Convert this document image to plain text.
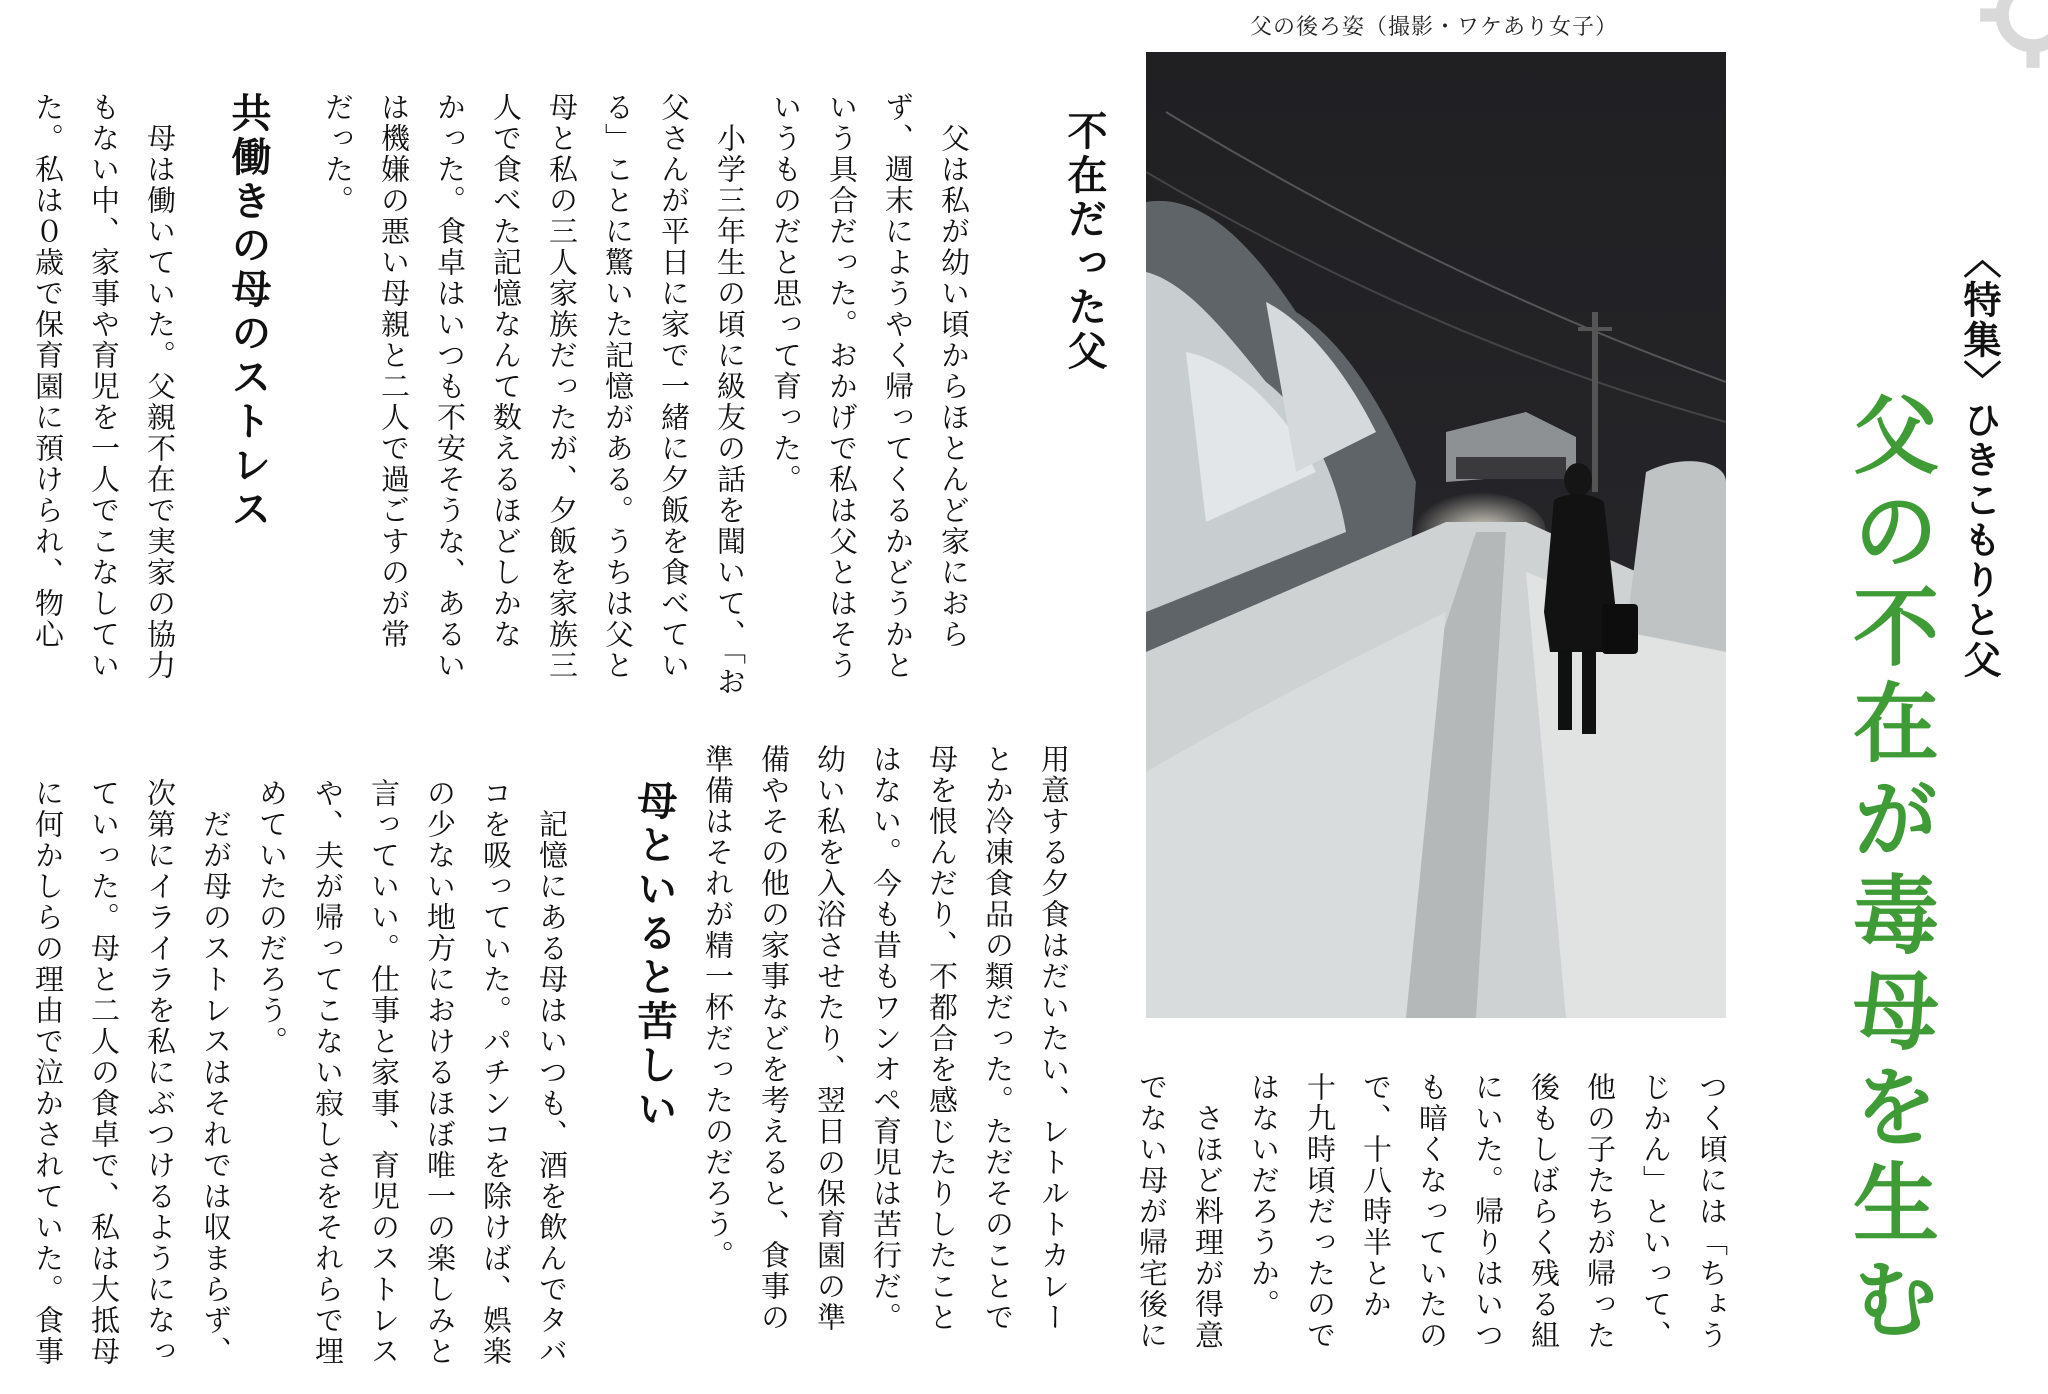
〈特集〉ひきこもりと父
父の不在が毒母を生む
父の後ろ姿（撮影・ワケあり女子）
不在だった父
　父は私が幼い頃からほとんど家におら
ず、週末にようやく帰ってくるかどうかと
いう具合だった。おかげで私は父とはそう
いうものだと思って育った。
　小学三年生の頃に級友の話を聞いて、「お
父さんが平日に家で一緒に夕飯を食べてい
る」ことに驚いた記憶がある。うちは父と
母と私の三人家族だったが、夕飯を家族三
人で食べた記憶なんて数えるほどしかな
かった。食卓はいつも不安そうな、あるい
は機嫌の悪い母親と二人で過ごすのが常
だった。
共働きの母のストレス
　母は働いていた。父親不在で実家の協力
もない中、家事や育児を一人でこなしてい
た。私は０歳で保育園に預けられ、物心
つく頃には「ちょう
じかん」といって、
他の子たちが帰った
後もしばらく残る組
にいた。帰りはいつ
も暗くなっていたの
で、十八時半とか
十九時頃だったので
はないだろうか。
　さほど料理が得意
でない母が帰宅後に
用意する夕食はだいたい、レトルトカレー
とか冷凍食品の類だった。ただそのことで
母を恨んだり、不都合を感じたりしたこと
はない。今も昔もワンオペ育児は苦行だ。
幼い私を入浴させたり、翌日の保育園の準
備やその他の家事などを考えると、食事の
準備はそれが精一杯だったのだろう。
母といると苦しい
　記憶にある母はいつも、酒を飲んでタバ
コを吸っていた。パチンコを除けば、娯楽
の少ない地方におけるほぼ唯一の楽しみと
言っていい。仕事と家事、育児のストレス
や、夫が帰ってこない寂しさをそれらで埋
めていたのだろう。
　だが母のストレスはそれでは収まらず、
次第にイライラを私にぶつけるようになっ
ていった。母と二人の食卓で、私は大抵母
に何かしらの理由で泣かされていた。食事
